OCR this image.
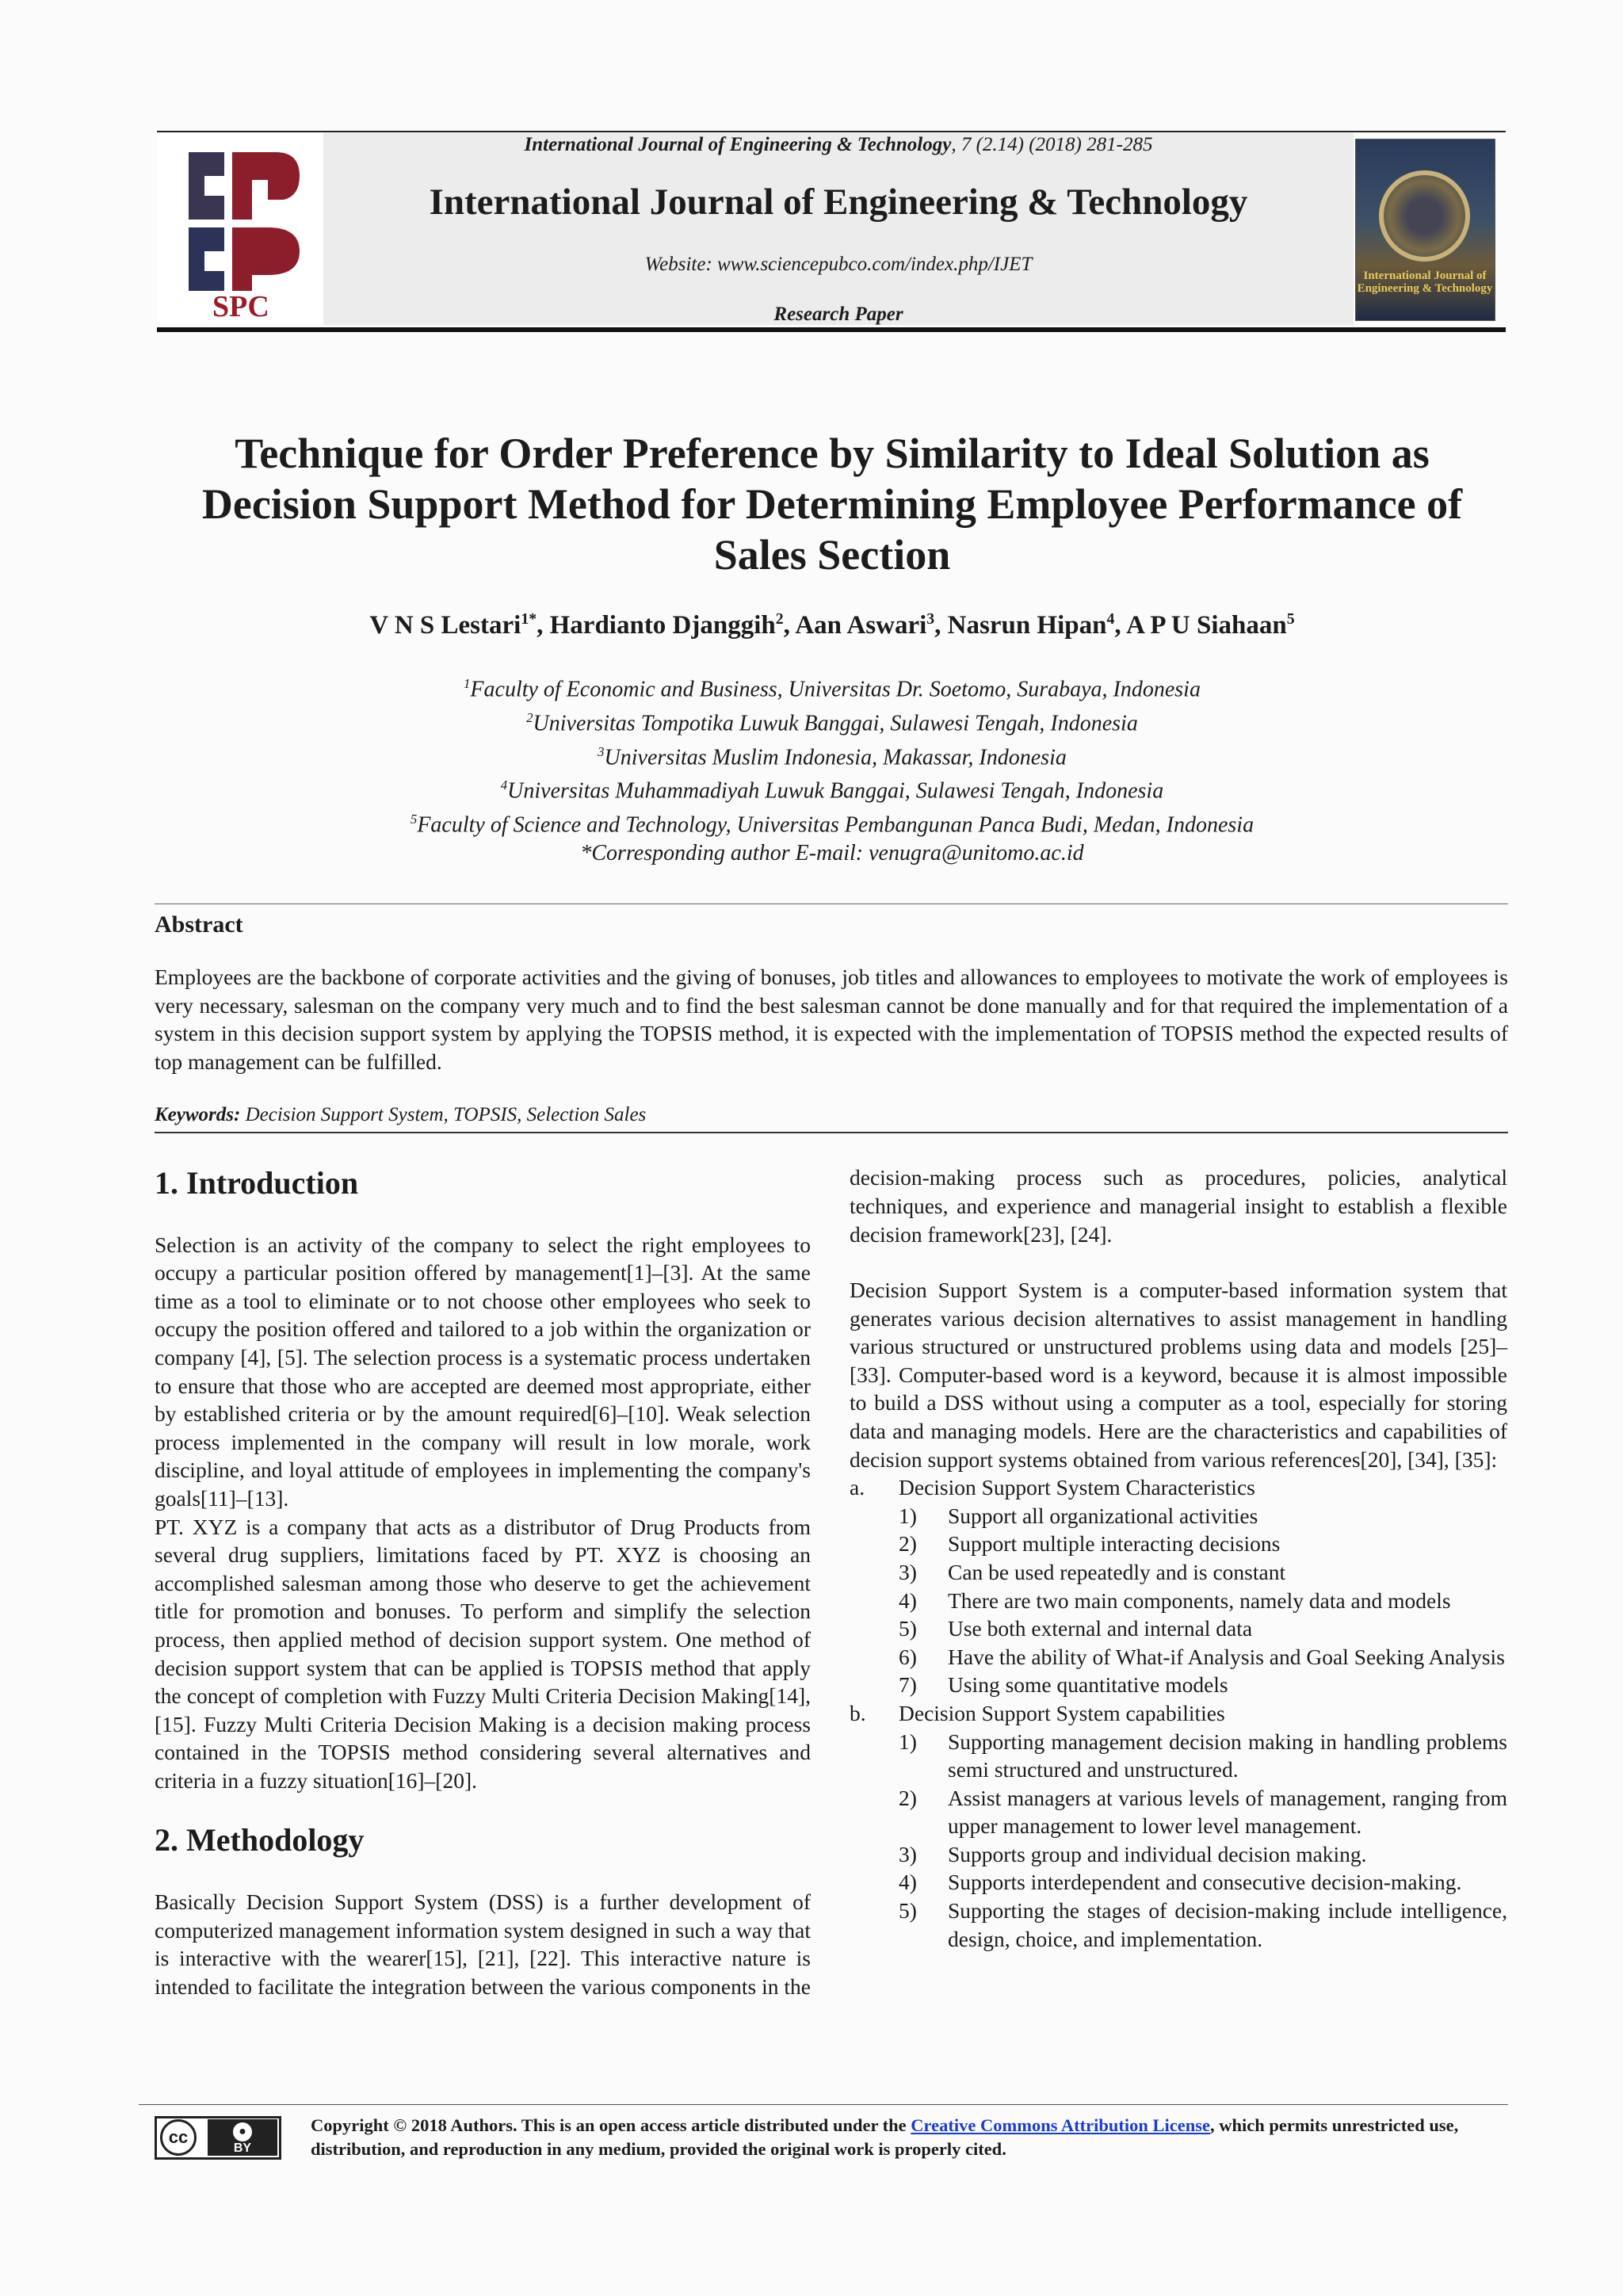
SPC
International Journal of Engineering & Technology, 7 (2.14) (2018) 281-285
International Journal of Engineering & Technology
Website: www.sciencepubco.com/index.php/IJET
Research Paper
International Journal of Engineering & Technology
Technique for Order Preference by Similarity to Ideal Solution as Decision Support Method for Determining Employee Performance of Sales Section
V N S Lestari$^{1*}$, Hardianto Djanggih$^2$, Aan Aswari$^3$, Nasrun Hipan$^4$, A P U Siahaan$^5$
$^1$Faculty of Economic and Business, Universitas Dr. Soetomo, Surabaya, Indonesia
$^2$Universitas Tompotika Luwuk Banggai, Sulawesi Tengah, Indonesia
$^3$Universitas Muslim Indonesia, Makassar, Indonesia
$^4$Universitas Muhammadiyah Luwuk Banggai, Sulawesi Tengah, Indonesia
$^5$Faculty of Science and Technology, Universitas Pembangunan Panca Budi, Medan, Indonesia
*Corresponding author E-mail: venugra@unitomo.ac.id
Abstract
Employees are the backbone of corporate activities and the giving of bonuses, job titles and allowances to employees to motivate the work of employees is very necessary, salesman on the company very much and to find the best salesman cannot be done manually and for that required the implementation of a system in this decision support system by applying the TOPSIS method, it is expected with the implementation of TOPSIS method the expected results of top management can be fulfilled.
Keywords: Decision Support System, TOPSIS, Selection Sales
1. Introduction

Selection is an activity of the company to select the right employees to occupy a particular position offered by management[1]–[3]. At the same time as a tool to eliminate or to not choose other employees who seek to occupy the position offered and tailored to a job within the organization or company [4], [5]. The selection process is a systematic process undertaken to ensure that those who are accepted are deemed most appropriate, either by established criteria or by the amount required[6]–[10]. Weak selection process implemented in the company will result in low morale, work discipline, and loyal attitude of employees in implementing the company's goals[11]–[13].

PT. XYZ is a company that acts as a distributor of Drug Products from several drug suppliers, limitations faced by PT. XYZ is choosing an accomplished salesman among those who deserve to get the achievement title for promotion and bonuses. To perform and simplify the selection process, then applied method of decision support system. One method of decision support system that can be applied is TOPSIS method that apply the concept of completion with Fuzzy Multi Criteria Decision Making[14], [15]. Fuzzy Multi Criteria Decision Making is a decision making process contained in the TOPSIS method considering several alternatives and criteria in a fuzzy situation[16]–[20].

2. Methodology

Basically Decision Support System (DSS) is a further development of computerized management information system designed in such a way that is interactive with the wearer[15], [21], [22]. This interactive nature is intended to facilitate the integration between the various components in the

decision-making process such as procedures, policies, analytical techniques, and experience and managerial insight to establish a flexible decision framework[23], [24].

Decision Support System is a computer-based information system that generates various decision alternatives to assist management in handling various structured or unstructured problems using data and models [25]–[33]. Computer-based word is a keyword, because it is almost impossible to build a DSS without using a computer as a tool, especially for storing data and managing models. Here are the characteristics and capabilities of decision support systems obtained from various references[20], [34], [35]:

a. Decision Support System Characteristics
1) Support all organizational activities
2) Support multiple interacting decisions
3) Can be used repeatedly and is constant
4) There are two main components, namely data and models
5) Use both external and internal data
6) Have the ability of What-if Analysis and Goal Seeking Analysis
7) Using some quantitative models
b. Decision Support System capabilities
1) Supporting management decision making in handling problems semi structured and unstructured.
2) Assist managers at various levels of management, ranging from upper management to lower level management.
3) Supports group and individual decision making.
4) Supports interdependent and consecutive decision-making.
5) Supporting the stages of decision-making include intelligence, design, choice, and implementation.
cc	●
BY
Copyright © 2018 Authors. This is an open access article distributed under the Creative Commons Attribution License, which permits unrestricted use, distribution, and reproduction in any medium, provided the original work is properly cited.
